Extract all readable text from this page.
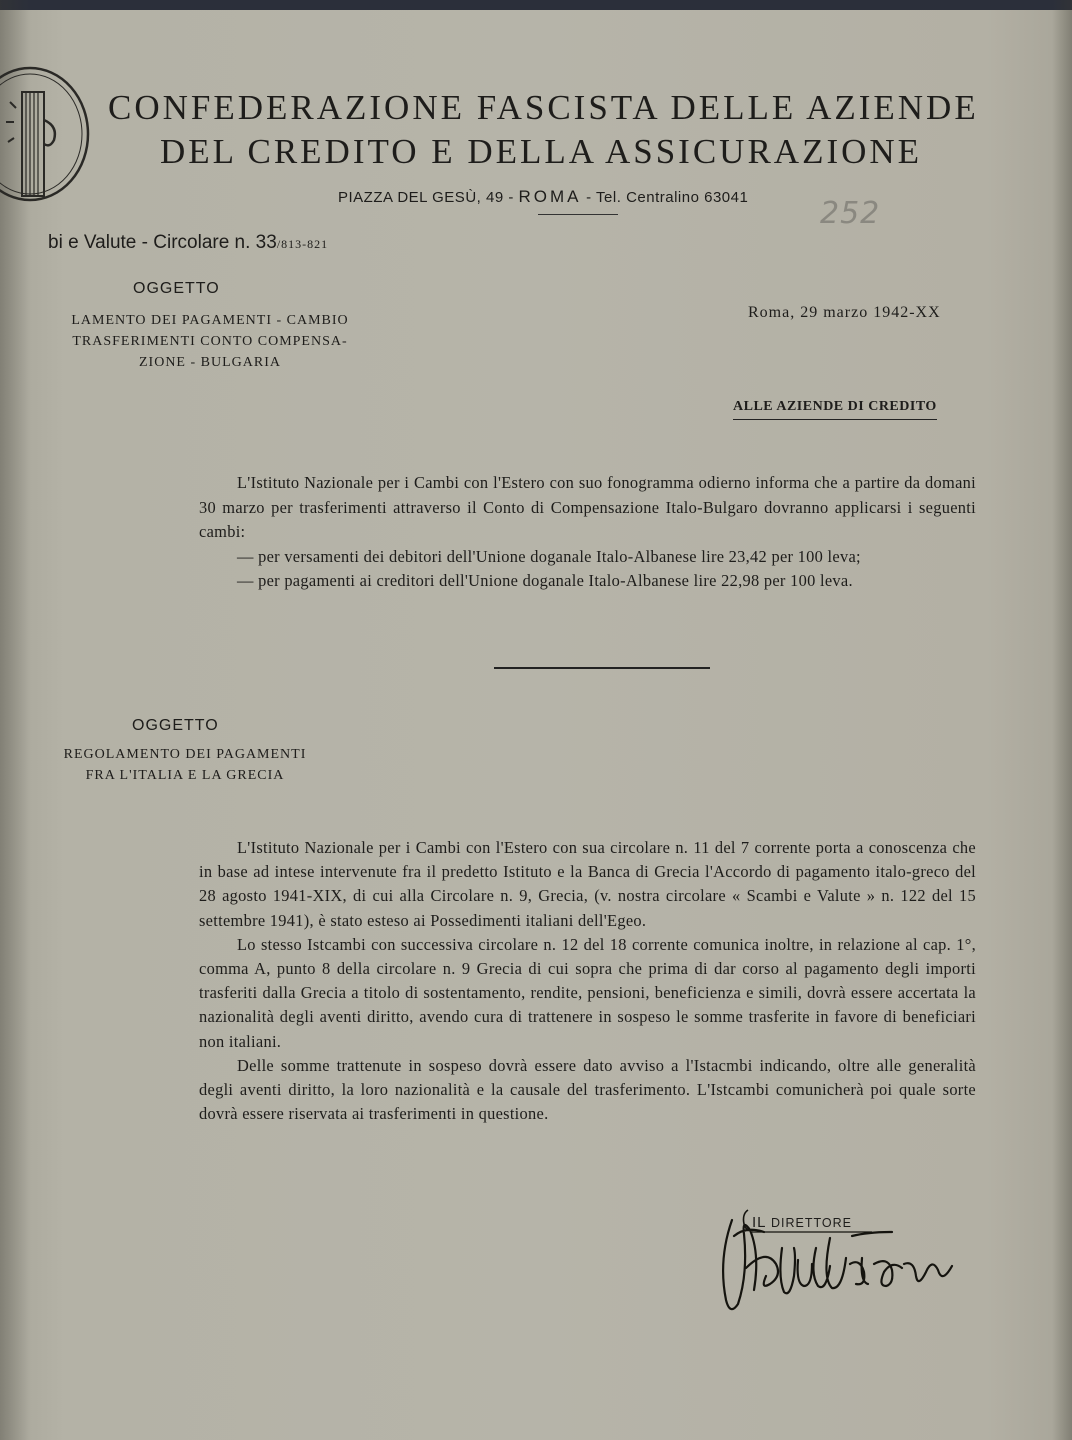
CONFEDERAZIONE FASCISTA DELLE AZIENDE
DEL CREDITO E DELLA ASSICURAZIONE
PIAZZA DEL GESÙ, 49 - ROMA - Tel. Centralino 63041 252
bi e Valute - Circolare n. 33/813-821
OGGETTO
LAMENTO DEI PAGAMENTI - CAMBIO
TRASFERIMENTI CONTO COMPENSA-
ZIONE - BULGARIA
Roma, 29 marzo 1942-XX
ALLE AZIENDE DI CREDITO

L'Istituto Nazionale per i Cambi con l'Estero con suo fonogramma odierno informa che a partire da domani 30 marzo per trasferimenti attraverso il Conto di Compensazione Italo-Bulgaro dovranno applicarsi i seguenti cambi:

— per versamenti dei debitori dell'Unione doganale Italo-Albanese lire 23,42 per 100 leva;

— per pagamenti ai creditori dell'Unione doganale Italo-Albanese lire 22,98 per 100 leva.

OGGETTO
REGOLAMENTO DEI PAGAMENTI
FRA L'ITALIA E LA GRECIA

L'Istituto Nazionale per i Cambi con l'Estero con sua circolare n. 11 del 7 corrente porta a conoscenza che in base ad intese intervenute fra il predetto Istituto e la Banca di Grecia l'Accordo di pagamento italo-greco del 28 agosto 1941-XIX, di cui alla Circolare n. 9, Grecia, (v. nostra circolare « Scambi e Valute » n. 122 del 15 settembre 1941), è stato esteso ai Possedimenti italiani dell'Egeo.

Lo stesso Istcambi con successiva circolare n. 12 del 18 corrente comunica inoltre, in relazione al cap. 1°, comma A, punto 8 della circolare n. 9 Grecia di cui sopra che prima di dar corso al pagamento degli importi trasferiti dalla Grecia a titolo di sostentamento, rendite, pensioni, beneficienza e simili, dovrà essere accertata la nazionalità degli aventi diritto, avendo cura di trattenere in sospeso le somme trasferite in favore di beneficiari non italiani.

Delle somme trattenute in sospeso dovrà essere dato avviso a l'Istacmbi indicando, oltre alle generalità degli aventi diritto, la loro nazionalità e la causale del trasferimento. L'Istcambi comunicherà poi quale sorte dovrà essere riservata ai trasferimenti in questione.

IL DIRETTORE
